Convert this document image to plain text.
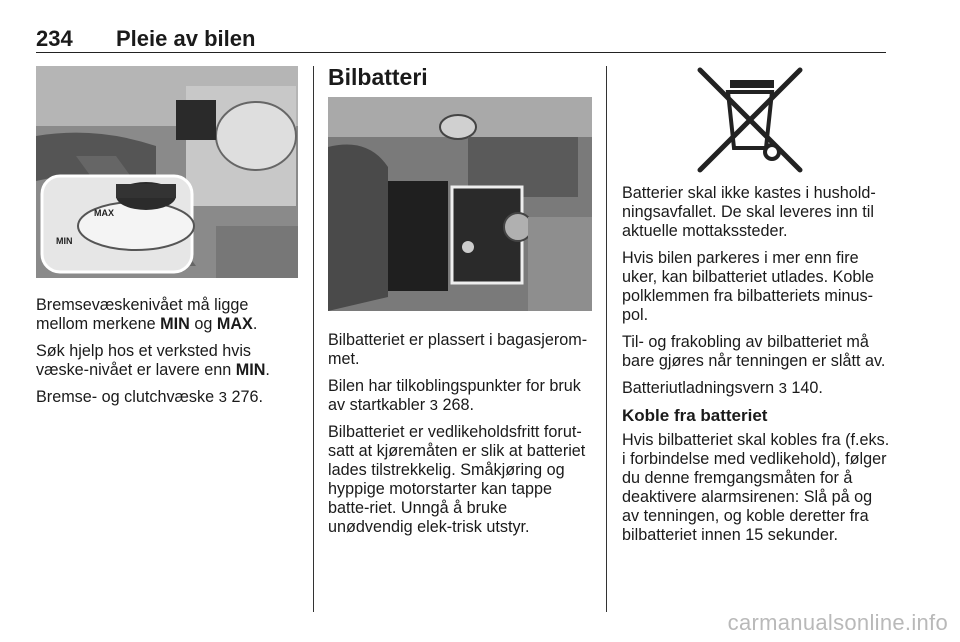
234 Pleie av bilen
MAX
MIN

Bremsevæskenivået må ligge mellom merkene MIN og MAX.

Søk hjelp hos et verksted hvis væske-nivået er lavere enn MIN.

Bremse- og clutchvæske 3 276.

Bilbatteri

Bilbatteriet er plassert i bagasjerom-met.

Bilen har tilkoblingspunkter for bruk av startkabler 3 268.

Bilbatteriet er vedlikeholdsfritt forut-satt at kjøremåten er slik at batteriet lades tilstrekkelig. Småkjøring og hyppige motorstarter kan tappe batte-riet. Unngå å bruke unødvendig elek-trisk utstyr.

Batterier skal ikke kastes i hushold-ningsavfallet. De skal leveres inn til aktuelle mottakssteder.

Hvis bilen parkeres i mer enn fire uker, kan bilbatteriet utlades. Koble polklemmen fra bilbatteriets minus-pol.

Til- og frakobling av bilbatteriet må bare gjøres når tenningen er slått av.

Batteriutladningsvern 3 140.

Koble fra batteriet

Hvis bilbatteriet skal kobles fra (f.eks. i forbindelse med vedlikehold), følger du denne fremgangsmåten for å deaktivere alarmsirenen: Slå på og av tenningen, og koble deretter fra bilbatteriet innen 15 sekunder.

carmanualsonline.info
